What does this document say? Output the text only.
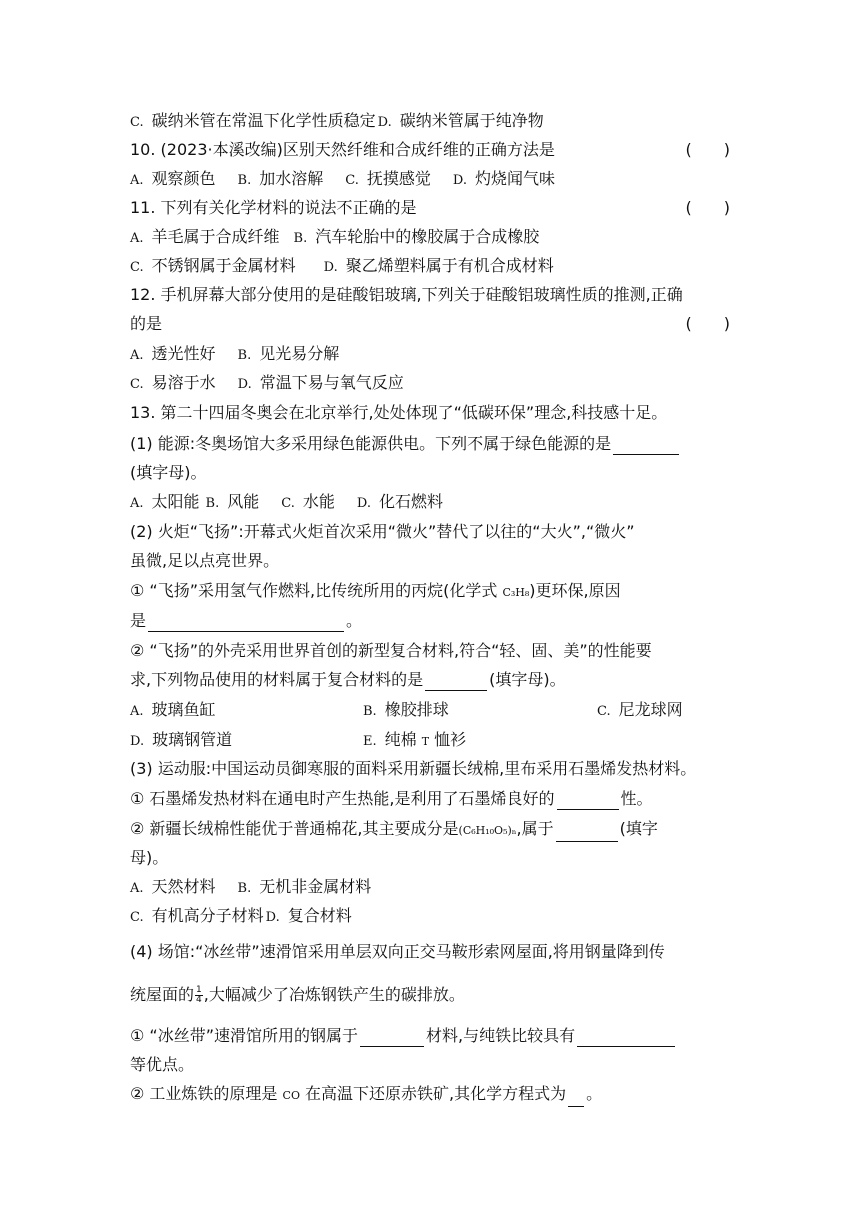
C. 碳纳米管在常温下化学性质稳定 D. 碳纳米管属于纯净物
10. (2023·本溪改编)区别天然纤维和合成纤维的正确方法是	(　　)
A. 观察颜色 B. 加水溶解 C. 抚摸感觉 D. 灼烧闻气味
11. 下列有关化学材料的说法不正确的是	(　　)
A. 羊毛属于合成纤维 B. 汽车轮胎中的橡胶属于合成橡胶
C. 不锈钢属于金属材料 D. 聚乙烯塑料属于有机合成材料
12. 手机屏幕大部分使用的是硅酸铝玻璃,下列关于硅酸铝玻璃性质的推测,正确
的是	(　　)
A. 透光性好 B. 见光易分解
C. 易溶于水 D. 常温下易与氧气反应
13. 第二十四届冬奥会在北京举行,处处体现了“低碳环保”理念,科技感十足。
(1) 能源:冬奥场馆大多采用绿色能源供电。下列不属于绿色能源的是
(填字母)。
A. 太阳能 B. 风能 C. 水能 D. 化石燃料
(2) 火炬“飞扬”:开幕式火炬首次采用“微火”替代了以往的“大火”,“微火”
虽微,足以点亮世界。
① “飞扬”采用氢气作燃料,比传统所用的丙烷(化学式 C₃H₈)更环保,原因
是	。
② “飞扬”的外壳采用世界首创的新型复合材料,符合“轻、固、美”的性能要
求,下列物品使用的材料属于复合材料的是	(填字母)。
A. 玻璃鱼缸	B. 橡胶排球	C. 尼龙球网
D. 玻璃钢管道	E. 纯棉 T 恤衫
(3) 运动服:中国运动员御寒服的面料采用新疆长绒棉,里布采用石墨烯发热材料。
① 石墨烯发热材料在通电时产生热能,是利用了石墨烯良好的	性。
② 新疆长绒棉性能优于普通棉花,其主要成分是(C₆H₁₀O₅)ₙ,属于	(填字
母)。
A. 天然材料 B. 无机非金属材料
C. 有机高分子材料 D. 复合材料
(4) 场馆:“冰丝带”速滑馆采用单层双向正交马鞍形索网屋面,将用钢量降到传
统屋面的 $\frac{1}{4}$ ,大幅减少了冶炼钢铁产生的碳排放。
① “冰丝带”速滑馆所用的钢属于	材料,与纯铁比较具有
等优点。
② 工业炼铁的原理是 CO 在高温下还原赤铁矿,其化学方程式为 。
